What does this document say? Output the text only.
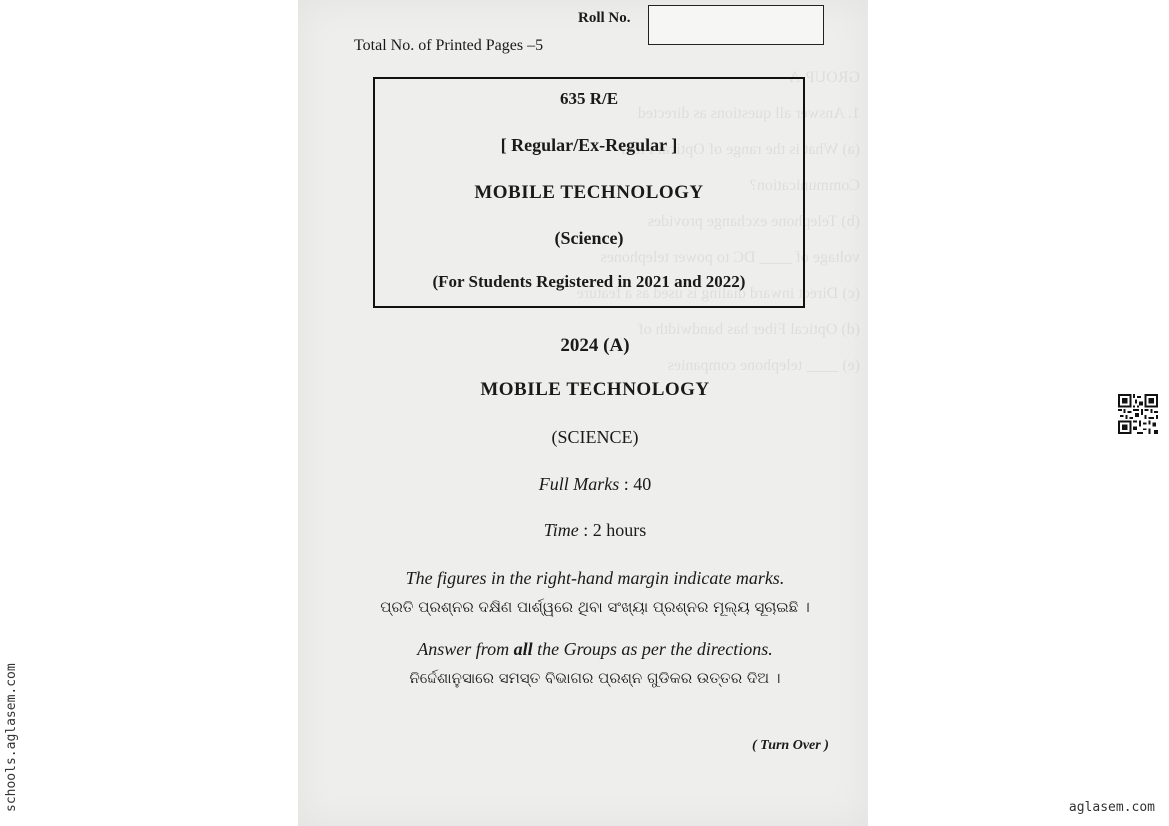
Roll No.
Total No. of Printed Pages –5
635 R/E
[ Regular/Ex-Regular ]
MOBILE TECHNOLOGY
(Science)
(For Students Registered in 2021 and 2022)
2024 (A)
MOBILE TECHNOLOGY
(SCIENCE)
Full Marks : 40
Time : 2 hours
The figures in the right-hand margin indicate marks.
ପ୍ରତି ପ୍ରଶ୍ନର ଦକ୍ଷିଣ ପାର୍ଶ୍ୱରେ ଥିବା ସଂଖ୍ୟା ପ୍ରଶ୍ନର ମୂଲ୍ୟ ସୂଚାଇଛି ।
Answer from all the Groups as per the directions.
ନିର୍ଦ୍ଦେଶାନୁସାରେ ସମସ୍ତ ବିଭାଗର ପ୍ରଶ୍ନ ଗୁଡିକର ଉତ୍ତର ଦିଅ ।
( Turn Over )
schools.aglasem.com	aglasem.com
